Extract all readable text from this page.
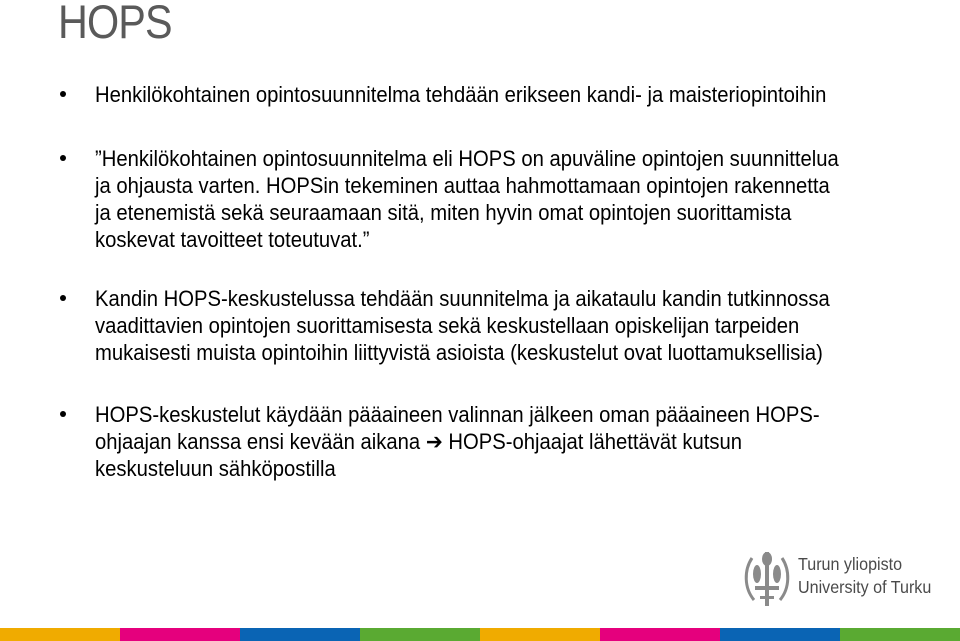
HOPS
Henkilökohtainen opintosuunnitelma tehdään erikseen kandi- ja maisteriopintoihin
”Henkilökohtainen opintosuunnitelma eli HOPS on apuväline opintojen suunnittelua
ja ohjausta varten. HOPSin tekeminen auttaa hahmottamaan opintojen rakennetta
ja etenemistä sekä seuraamaan sitä, miten hyvin omat opintojen suorittamista
koskevat tavoitteet toteutuvat.”
Kandin HOPS-keskustelussa tehdään suunnitelma ja aikataulu kandin tutkinnossa
vaadittavien opintojen suorittamisesta sekä keskustellaan opiskelijan tarpeiden
mukaisesti muista opintoihin liittyvistä asioista (keskustelut ovat luottamuksellisia)
HOPS-keskustelut käydään pääaineen valinnan jälkeen oman pääaineen HOPS-
ohjaajan kanssa ensi kevään aikana ➔ HOPS-ohjaajat lähettävät kutsun
keskusteluun sähköpostilla
Turun yliopisto
University of Turku
